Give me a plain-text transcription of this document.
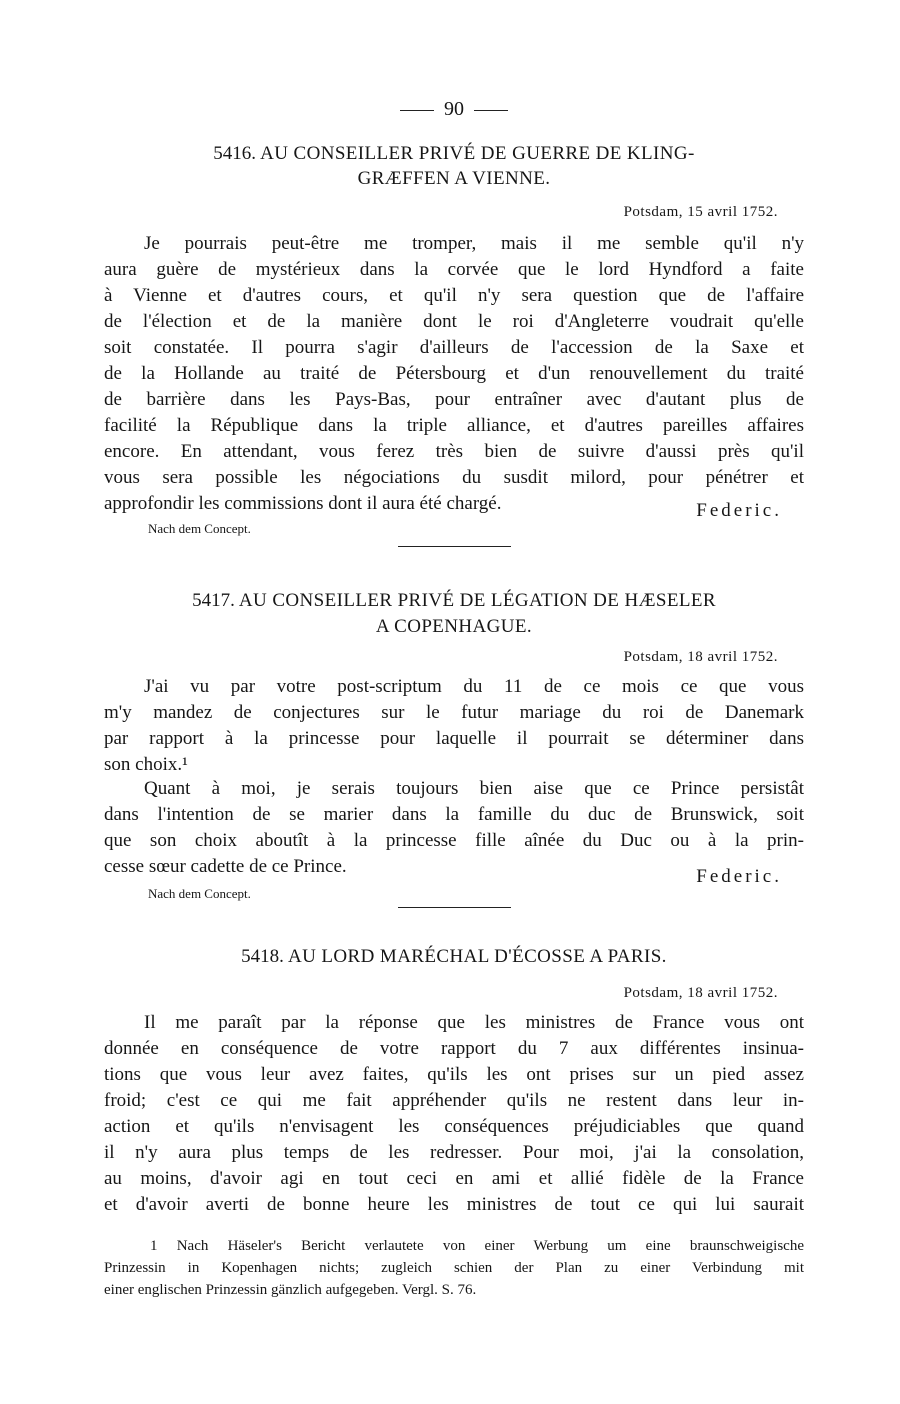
90
5416. AU CONSEILLER PRIVÉ DE GUERRE DE KLING-
GRÆFFEN A VIENNE.
Potsdam, 15 avril 1752.
Je pourrais peut-être me tromper, mais il me semble qu'il n'y
aura guère de mystérieux dans la corvée que le lord Hyndford a faite
à Vienne et d'autres cours, et qu'il n'y sera question que de l'affaire
de l'élection et de la manière dont le roi d'Angleterre voudrait qu'elle
soit constatée. Il pourra s'agir d'ailleurs de l'accession de la Saxe et
de la Hollande au traité de Pétersbourg et d'un renouvellement du traité
de barrière dans les Pays-Bas, pour entraîner avec d'autant plus de
facilité la République dans la triple alliance, et d'autres pareilles affaires
encore. En attendant, vous ferez très bien de suivre d'aussi près qu'il
vous sera possible les négociations du susdit milord, pour pénétrer et
approfondir les commissions dont il aura été chargé.	Federic.
Nach dem Concept.
5417. AU CONSEILLER PRIVÉ DE LÉGATION DE HÆSELER
A COPENHAGUE.
Potsdam, 18 avril 1752.
J'ai vu par votre post-scriptum du 11 de ce mois ce que vous
m'y mandez de conjectures sur le futur mariage du roi de Danemark
par rapport à la princesse pour laquelle il pourrait se déterminer dans
son choix.¹
Quant à moi, je serais toujours bien aise que ce Prince persistât
dans l'intention de se marier dans la famille du duc de Brunswick, soit
que son choix aboutît à la princesse fille aînée du Duc ou à la prin-
cesse sœur cadette de ce Prince.	Federic.
Nach dem Concept.
5418. AU LORD MARÉCHAL D'ÉCOSSE A PARIS.
Potsdam, 18 avril 1752.
Il me paraît par la réponse que les ministres de France vous ont
donnée en conséquence de votre rapport du 7 aux différentes insinua-
tions que vous leur avez faites, qu'ils les ont prises sur un pied assez
froid; c'est ce qui me fait appréhender qu'ils ne restent dans leur in-
action et qu'ils n'envisagent les conséquences préjudiciables que quand
il n'y aura plus temps de les redresser. Pour moi, j'ai la consolation,
au moins, d'avoir agi en tout ceci en ami et allié fidèle de la France
et d'avoir averti de bonne heure les ministres de tout ce qui lui saurait
1 Nach Häseler's Bericht verlautete von einer Werbung um eine braunschweigische
Prinzessin in Kopenhagen nichts; zugleich schien der Plan zu einer Verbindung mit
einer englischen Prinzessin gänzlich aufgegeben. Vergl. S. 76.
